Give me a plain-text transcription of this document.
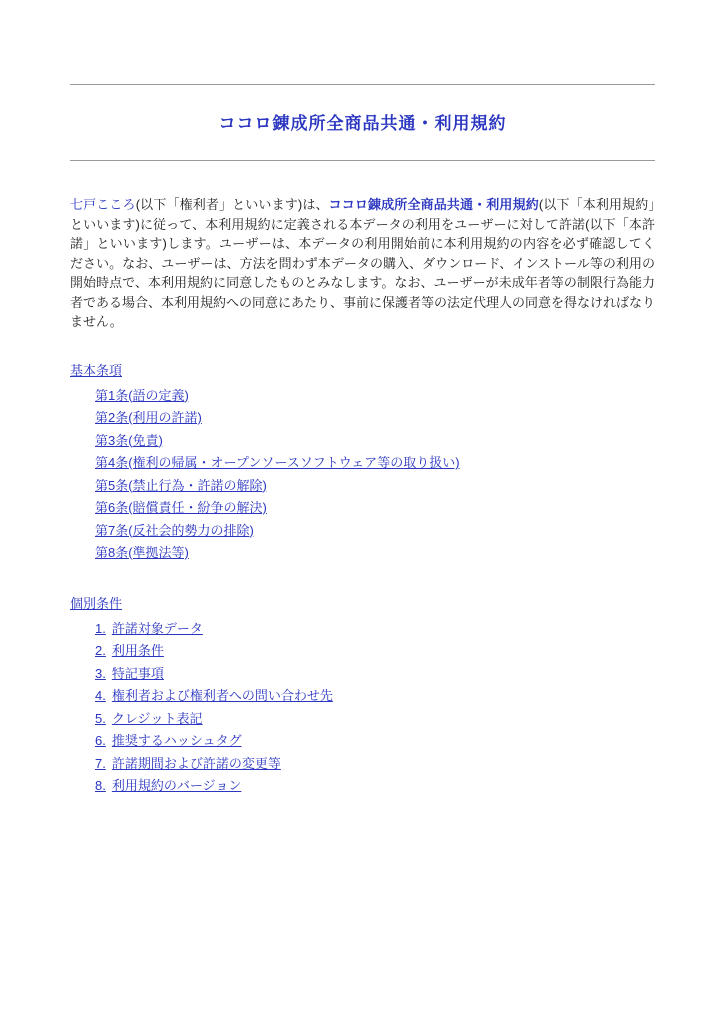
ココロ錬成所全商品共通・利用規約

七戸こころ(以下「権利者」といいます)は、ココロ錬成所全商品共通・利用規約(以下「本利用規約」といいます)に従って、本利用規約に定義される本データの利用をユーザーに対して許諾(以下「本許諾」といいます)します。ユーザーは、本データの利用開始前に本利用規約の内容を必ず確認してください。なお、ユーザーは、方法を問わず本データの購入、ダウンロード、インストール等の利用の開始時点で、本利用規約に同意したものとみなします。なお、ユーザーが未成年者等の制限行為能力者である場合、本利用規約への同意にあたり、事前に保護者等の法定代理人の同意を得なければなりません。

基本条項
第1条(語の定義)
第2条(利用の許諾)
第3条(免責)
第4条(権利の帰属・オープンソースソフトウェア等の取り扱い)
第5条(禁止行為・許諾の解除)
第6条(賠償責任・紛争の解決)
第7条(反社会的勢力の排除)
第8条(準拠法等)
個別条件
1. 許諾対象データ
2. 利用条件
3. 特記事項
4. 権利者および権利者への問い合わせ先
5. クレジット表記
6. 推奨するハッシュタグ
7. 許諾期間および許諾の変更等
8. 利用規約のバージョン
